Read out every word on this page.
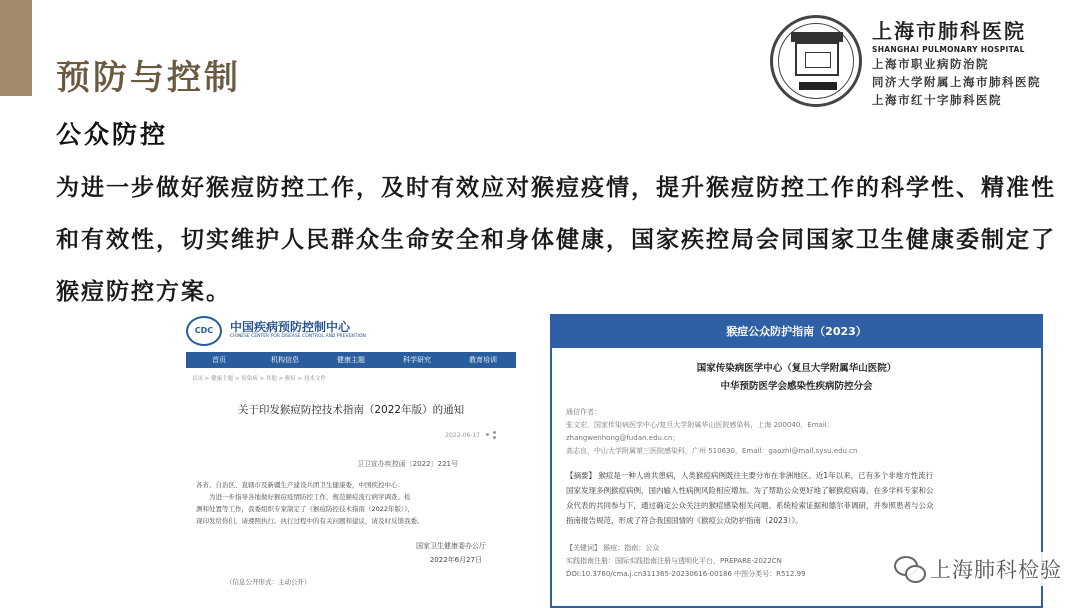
预防与控制
上海市肺科医院
SHANGHAI PULMONARY HOSPITAL
上海市职业病防治院
同济大学附属上海市肺科医院
上海市红十字肺科医院
公众防控

为进一步做好猴痘防控工作，及时有效应对猴痘疫情，提升猴痘防控工作的科学性、精准性和有效性，切实维护人民群众生命安全和身体健康，国家疾控局会同国家卫生健康委制定了猴痘防控方案。

CDC	中国疾病预防控制中心
CHINESE CENTER FOR DISEASE CONTROL AND PREVENTION
首页	机构信息	健康主题	科学研究	教育培训
首页 > 健康主题 > 传染病 > 其他 > 猴痘 > 技术文件
关于印发猴痘防控技术指南（2022年版）的通知
2022-06-17
卫卫宣办疾控函〔2022〕221号
各省、自治区、直辖市及新疆生产建设兵团卫生健康委，中国疾控中心：
　　为进一步指导各地做好猴痘疫情防控工作，规范猴痘流行病学调查、检
测和处置等工作，我委组织专家制定了《猴痘防控技术指南（2022年版）》，
现印发给你们，请遵照执行。执行过程中的有关问题和建议，请及时反馈我委。
国家卫生健康委办公厅
2022年6月27日
（信息公开形式：主动公开）
猴痘公众防护指南（2023）
国家传染病医学中心（复旦大学附属华山医院）
中华预防医学会感染性疾病防控分会
通信作者：
张文宏，国家传染病医学中心/复旦大学附属华山医院感染科，上海 200040，Email：
zhangwenhong@fudan.edu.cn；
高志良，中山大学附属第三医院感染科，广州 510630，Email：gaozhl@mail.sysu.edu.cn
【摘要】 猴痘是一种人兽共患病，人类猴痘病例既往主要分布在非洲地区。近1年以来，已有多个非地方性流行
国家发现多例猴痘病例，国内输入性病例风险相应增加。为了帮助公众更好地了解猴痘病毒，在多学科专家和公
众代表的共同参与下，通过确定公众关注的猴痘感染相关问题、系统检索证据和德尔菲调研，并参照患者与公众
指南报告规范，形成了符合我国国情的《猴痘公众防护指南（2023）》。
【关键词】 猴痘；指南；公众
实践指南注册：国际实践指南注册与透明化平台，PREPARE-2022CN
DOI:10.3760/cma.j.cn311365-20230616-00186 中图分类号：R512.99	上海肺科检验
